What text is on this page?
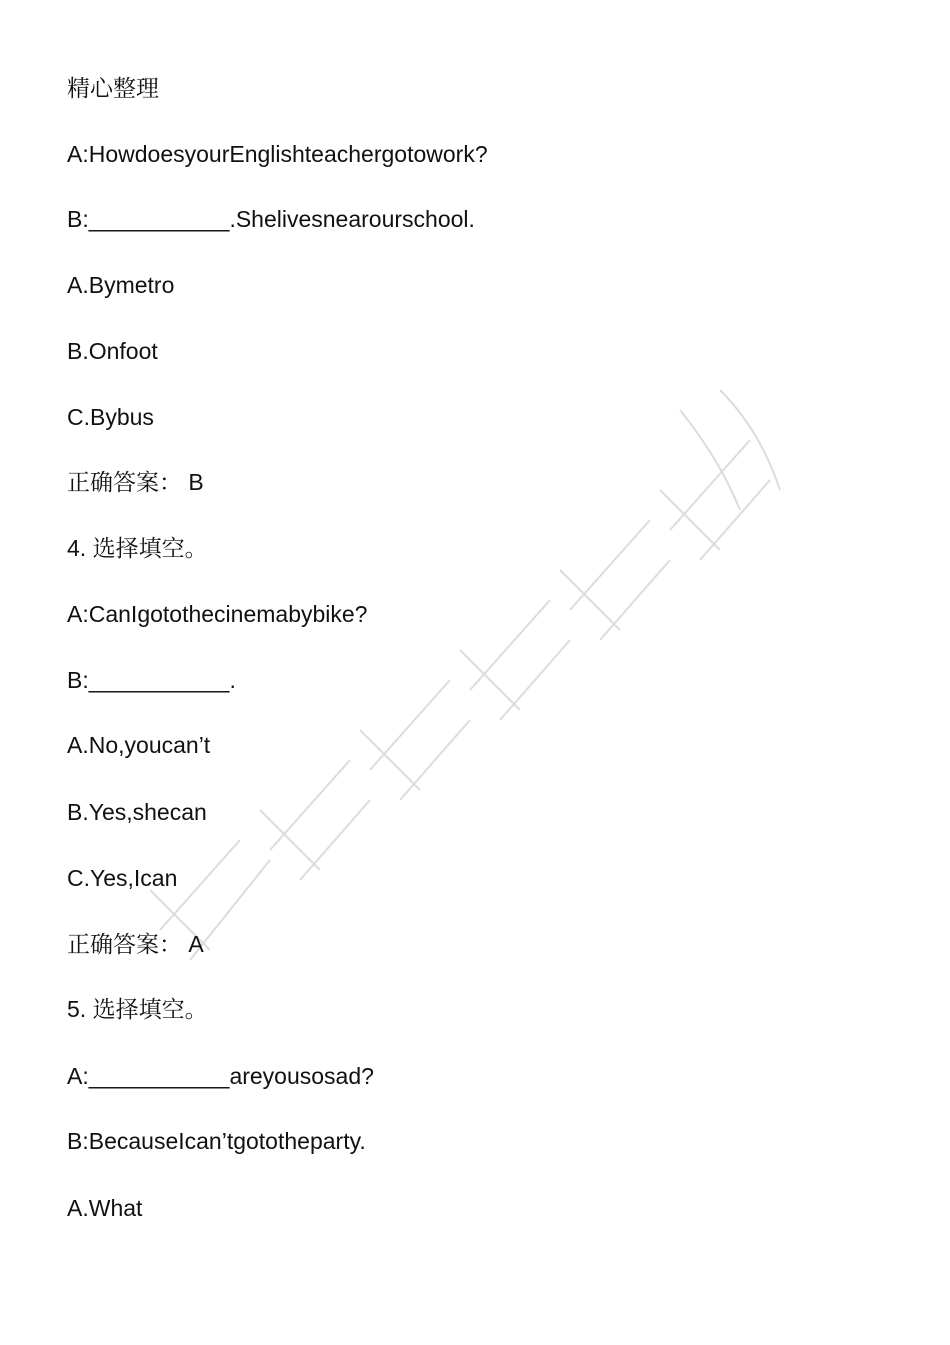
精心整理
A:HowdoesyourEnglishteachergotowork?
B:___________.Shelivesnearourschool.
A.Bymetro
B.Onfoot
C.Bybus
正确答案： B
4. 选择填空。
A:CanIgotothecinemabybike?
B:___________.
A.No,youcan’t
B.Yes,shecan
C.Yes,Ican
正确答案： A
5. 选择填空。
A:___________areyousosad?
B:BecauseIcan’tgototheparty.
A.What
